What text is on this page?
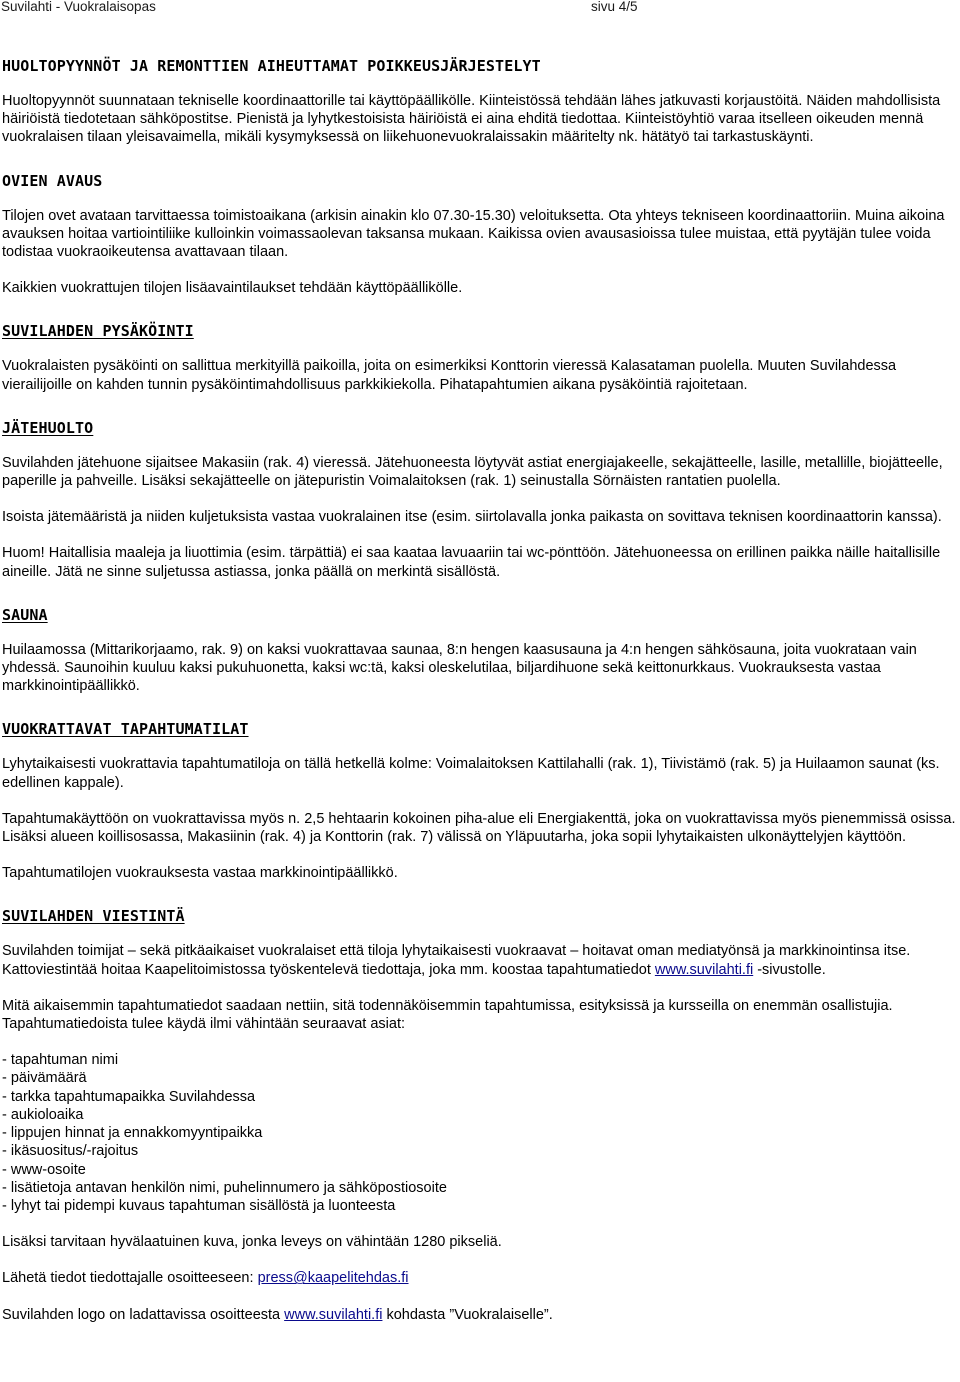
Suvilahti - Vuokralaisopas	sivu 4/5
HUOLTOPYYNNÖT JA REMONTTIEN AIHEUTTAMAT POIKKEUSJÄRJESTELYT

Huoltopyynnöt suunnataan tekniselle koordinaattorille tai käyttöpäällikölle. Kiinteistössä tehdään lähes jatkuvasti korjaustöitä. Näiden mahdollisista häiriöistä tiedotetaan sähköpostitse. Pienistä ja lyhytkestoisista häiriöistä ei aina ehditä tiedottaa. Kiinteistöyhtiö varaa itselleen oikeuden mennä vuokralaisen tilaan yleisavaimella, mikäli kysymyksessä on liikehuonevuokralaissakin määritelty nk. hätätyö tai tarkastuskäynti.

OVIEN AVAUS

Tilojen ovet avataan tarvittaessa toimistoaikana (arkisin ainakin klo 07.30-15.30) veloituksetta. Ota yhteys tekniseen koordinaattoriin. Muina aikoina avauksen hoitaa vartiointiliike kulloinkin voimassaolevan taksansa mukaan. Kaikissa ovien avausasioissa tulee muistaa, että pyytäjän tulee voida todistaa vuokraoikeutensa avattavaan tilaan.

Kaikkien vuokrattujen tilojen lisäavaintilaukset tehdään käyttöpäällikölle.

SUVILAHDEN PYSÄKÖINTI

Vuokralaisten pysäköinti on sallittua merkityillä paikoilla, joita on esimerkiksi Konttorin vieressä Kalasataman puolella. Muuten Suvilahdessa vierailijoille on kahden tunnin pysäköintimahdollisuus parkkikiekolla. Pihatapahtumien aikana pysäköintiä rajoitetaan.

JÄTEHUOLTO

Suvilahden jätehuone sijaitsee Makasiin (rak. 4) vieressä. Jätehuoneesta löytyvät astiat energiajakeelle, sekajätteelle, lasille, metallille, biojätteelle, paperille ja pahveille. Lisäksi sekajätteelle on jätepuristin Voimalaitoksen (rak. 1) seinustalla Sörnäisten rantatien puolella.

Isoista jätemääristä ja niiden kuljetuksista vastaa vuokralainen itse (esim. siirtolavalla jonka paikasta on sovittava teknisen koordinaattorin kanssa).

Huom! Haitallisia maaleja ja liuottimia (esim. tärpättiä) ei saa kaataa lavuaariin tai wc-pönttöön. Jätehuoneessa on erillinen paikka näille haitallisille aineille. Jätä ne sinne suljetussa astiassa, jonka päällä on merkintä sisällöstä.

SAUNA

Huilaamossa (Mittarikorjaamo, rak. 9) on kaksi vuokrattavaa saunaa, 8:n hengen kaasusauna ja 4:n hengen sähkösauna, joita vuokrataan vain yhdessä. Saunoihin kuuluu kaksi pukuhuonetta, kaksi wc:tä, kaksi oleskelutilaa, biljardihuone sekä keittonurkkaus. Vuokrauksesta vastaa markkinointipäällikkö.

VUOKRATTAVAT TAPAHTUMATILAT

Lyhytaikaisesti vuokrattavia tapahtumatiloja on tällä hetkellä kolme: Voimalaitoksen Kattilahalli (rak. 1), Tiivistämö (rak. 5) ja Huilaamon saunat (ks. edellinen kappale).

Tapahtumakäyttöön on vuokrattavissa myös n. 2,5 hehtaarin kokoinen piha-alue eli Energiakenttä, joka on vuokrattavissa myös pienemmissä osissa. Lisäksi alueen koillisosassa, Makasiinin (rak. 4) ja Konttorin (rak. 7) välissä on Yläpuutarha, joka sopii lyhytaikaisten ulkonäyttelyjen käyttöön.

Tapahtumatilojen vuokrauksesta vastaa markkinointipäällikkö.

SUVILAHDEN VIESTINTÄ

Suvilahden toimijat – sekä pitkäaikaiset vuokralaiset että tiloja lyhytaikaisesti vuokraavat – hoitavat oman mediatyönsä ja markkinointinsa itse. Kattoviestintää hoitaa Kaapelitoimistossa työskentelevä tiedottaja, joka mm. koostaa tapahtumatiedot www.suvilahti.fi -sivustolle.

Mitä aikaisemmin tapahtumatiedot saadaan nettiin, sitä todennäköisemmin tapahtumissa, esityksissä ja kursseilla on enemmän osallistujia. Tapahtumatiedoista tulee käydä ilmi vähintään seuraavat asiat:

- tapahtuman nimi
- päivämäärä
- tarkka tapahtumapaikka Suvilahdessa
- aukioloaika
- lippujen hinnat ja ennakkomyyntipaikka
- ikäsuositus/-rajoitus
- www-osoite
- lisätietoja antavan henkilön nimi, puhelinnumero ja sähköpostiosoite
- lyhyt tai pidempi kuvaus tapahtuman sisällöstä ja luonteesta

Lisäksi tarvitaan hyvälaatuinen kuva, jonka leveys on vähintään 1280 pikseliä.

Lähetä tiedot tiedottajalle osoitteeseen: press@kaapelitehdas.fi

Suvilahden logo on ladattavissa osoitteesta www.suvilahti.fi kohdasta ”Vuokralaiselle”.
